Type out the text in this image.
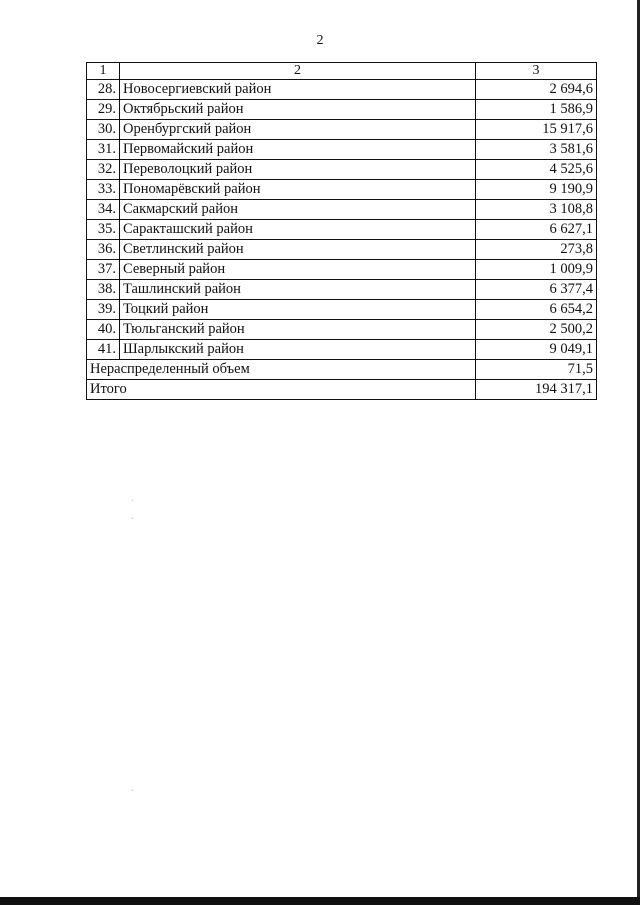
2
1	2	3
28.	Новосергиевский район	2 694,6
29.	Октябрьский район	1 586,9
30.	Оренбургский район	15 917,6
31.	Первомайский район	3 581,6
32.	Переволоцкий район	4 525,6
33.	Пономарёвский район	9 190,9
34.	Сакмарский район	3 108,8
35.	Саракташский район	6 627,1
36.	Светлинский район	273,8
37.	Северный район	1 009,9
38.	Ташлинский район	6 377,4
39.	Тоцкий район	6 654,2
40.	Тюльганский район	2 500,2
41.	Шарлыкский район	9 049,1
Нераспределенный объем		71,5
Итого		194 317,1
ˎ
ˎ
ˎ
